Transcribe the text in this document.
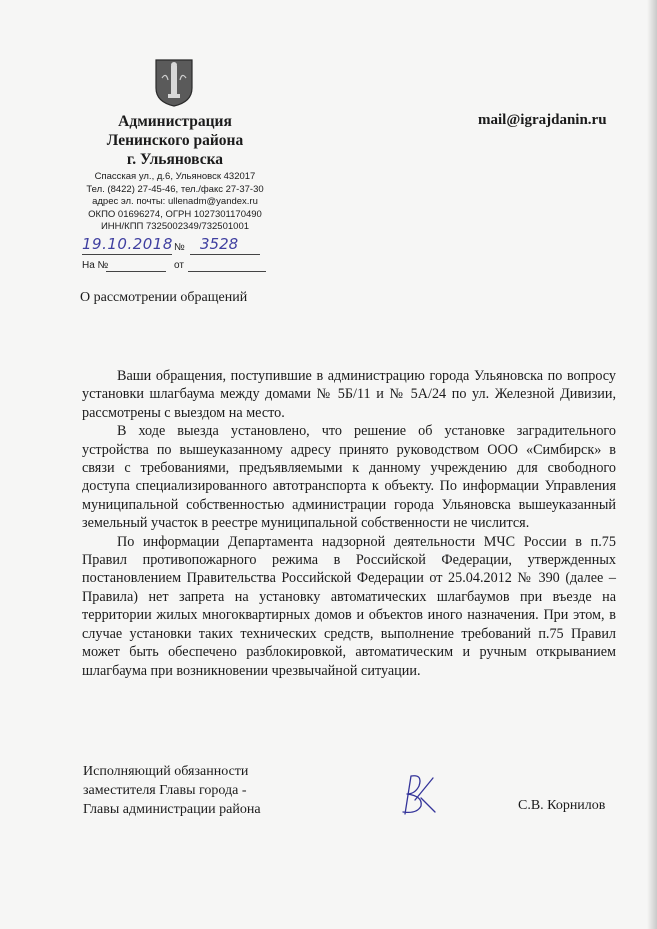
Администрация
Ленинского района
г. Ульяновска
Спасская ул., д.6, Ульяновск 432017
Тел. (8422) 27-45-46, тел./факс 27-37-30
адрес эл. почты: ullenadm@yandex.ru
ОКПО 01696274, ОГРН 1027301170490
ИНН/КПП 7325002349/732501001
19.10.2018 № 3528
На №	от
mail@igrajdanin.ru
О рассмотрении обращений

Ваши обращения, поступившие в администрацию города Ульяновска по вопросу установки шлагбаума между домами № 5Б/11 и № 5А/24 по ул. Железной Дивизии, рассмотрены с выездом на место.

В ходе выезда установлено, что решение об установке заградительного устройства по вышеуказанному адресу принято руководством ООО «Симбирск» в связи с требованиями, предъявляемыми к данному учреждению для свободного доступа специализированного автотранспорта к объекту. По информации Управления муниципальной собственностью администрации города Ульяновска вышеуказанный земельный участок в реестре муниципальной собственности не числится.

По информации Департамента надзорной деятельности МЧС России в п.75 Правил противопожарного режима в Российской Федерации, утвержденных постановлением Правительства Российской Федерации от 25.04.2012 № 390 (далее – Правила) нет запрета на установку автоматических шлагбаумов при въезде на территории жилых многоквартирных домов и объектов иного назначения. При этом, в случае установки таких технических средств, выполнение требований п.75 Правил может быть обеспечено разблокировкой, автоматическим и ручным открыванием шлагбаума при возникновении чрезвычайной ситуации.

Исполняющий обязанности
заместителя Главы города -
Главы администрации района	С.В. Корнилов
